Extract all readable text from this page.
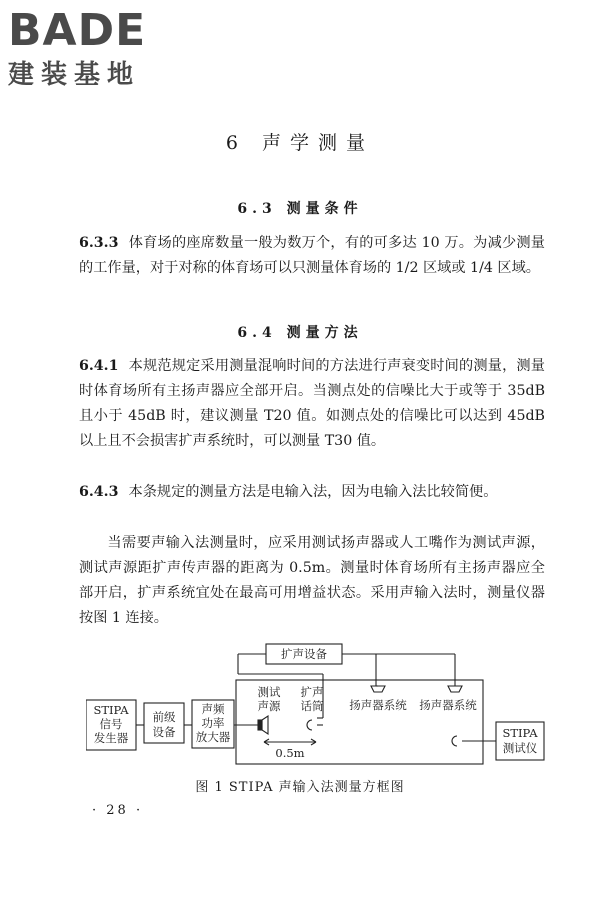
BADE
建装基地
6 声学测量
6.3 测量条件
6.3.3 体育场的座席数量一般为数万个，有的可多达 10 万。为减少测量的工作量，对于对称的体育场可以只测量体育场的 1/2 区域或 1/4 区域。
6.4 测量方法
6.4.1 本规范规定采用测量混响时间的方法进行声衰变时间的测量，测量时体育场所有主扬声器应全部开启。当测点处的信噪比大于或等于 35dB 且小于 45dB 时，建议测量 T20 值。如测点处的信噪比可以达到 45dB 以上且不会损害扩声系统时，可以测量 T30 值。
6.4.3 本条规定的测量方法是电输入法，因为电输入法比较简便。
当需要声输入法测量时，应采用测试扬声器或人工嘴作为测试声源，测试声源距扩声传声器的距离为 0.5m。测量时体育场所有主扬声器应全部开启，扩声系统宜处在最高可用增益状态。采用声输入法时，测量仪器按图 1 连接。
扩声设备
STIPA
信号
发生器
前级
设备
声频
功率
放大器
测试
声源
扩声
话筒
0.5m
扬声器系统 扬声器系统
STIPA
测试仪
图 1 STIPA 声输入法测量方框图
· 28 ·
